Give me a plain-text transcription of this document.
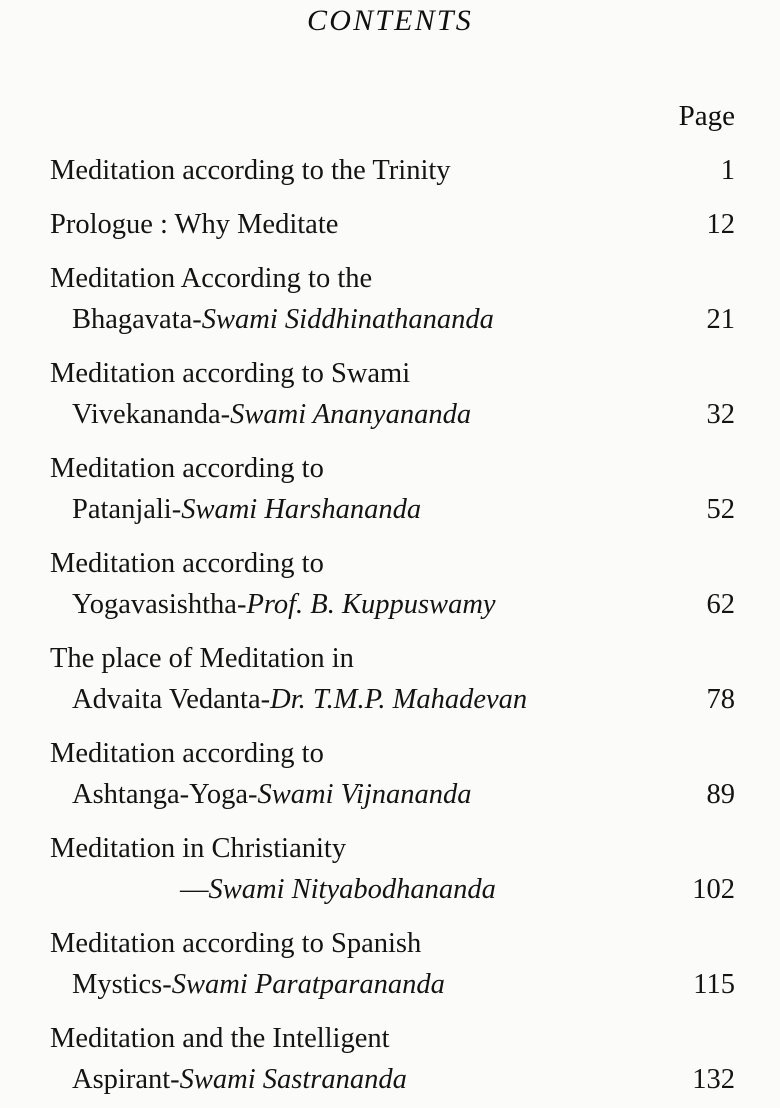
CONTENTS
Page
Meditation according to the Trinity	1
Prologue : Why Meditate	12
Meditation According to the
Bhagavata-Swami Siddhinathananda	21
Meditation according to Swami
Vivekananda-Swami Ananyananda	32
Meditation according to
Patanjali-Swami Harshananda	52
Meditation according to
Yogavasishtha-Prof. B. Kuppuswamy	62
The place of Meditation in
Advaita Vedanta-Dr. T.M.P. Mahadevan	78
Meditation according to
Ashtanga-Yoga-Swami Vijnananda	89
Meditation in Christianity
—Swami Nityabodhananda	102
Meditation according to Spanish
Mystics-Swami Paratparananda	115
Meditation and the Intelligent
Aspirant-Swami Sastrananda	132
